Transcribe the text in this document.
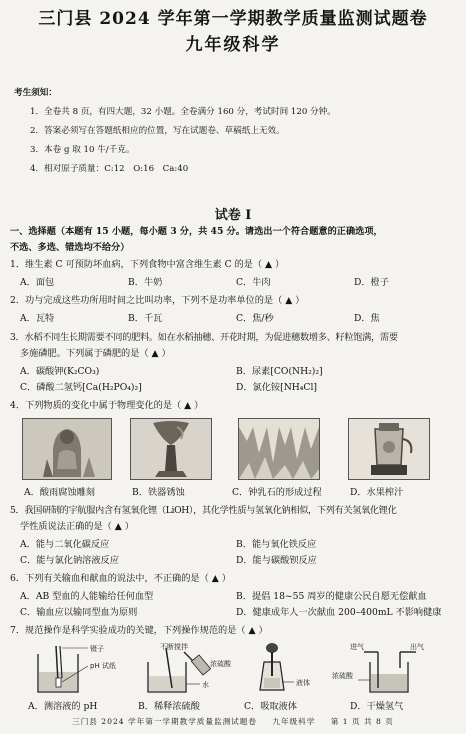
三门县 2024 学年第一学期教学质量监测试题卷
九年级科学
考生须知：
1．全卷共 8 页，有四大题，32 小题。全卷满分 160 分，考试时间 120 分钟。
2．答案必须写在答题纸相应的位置，写在试题卷、草稿纸上无效。
3．本卷 g 取 10 牛/千克。
4．相对原子质量：C:12　O:16　Ca:40
试卷 I
一、选择题（本题有 15 小题，每小题 3 分，共 45 分。请选出一个符合题意的正确选项，
不选、多选、错选均不给分）
1．维生素 C 可预防坏血病，下列食物中富含维生素 C 的是（ ▲ ）
A．面包	B．牛奶	C．牛肉	D．橙子
2．功与完成这些功所用时间之比叫功率，下列不是功率单位的是（ ▲ ）
A．瓦特	B．千瓦	C．焦/秒	D．焦
3．水稻不同生长期需要不同的肥料。如在水稻抽穗、开花时期，为促进穗数增多、籽粒饱满，需要
多施磷肥。下列属于磷肥的是（ ▲ ）
A．碳酸钾(K₂CO₃)	B．尿素[CO(NH₂)₂]
C．磷酸二氢钙[Ca(H₂PO₄)₂]	D．氯化铵[NH₄Cl]
4．下列物质的变化中属于物理变化的是（ ▲ ）
A．酸雨腐蚀雕刻	B．铁器锈蚀	C．钟乳石的形成过程	D．水果榨汁
5．我国研制的宇航服内含有氢氧化锂（LiOH），其化学性质与氢氧化钠相似，下列有关氢氧化锂化
学性质说法正确的是（ ▲ ）
A．能与二氧化碳反应	B．能与氧化铁反应
C．能与氯化钠溶液反应	D．能与碳酸钡反应
6．下列有关输血和献血的说法中，不正确的是（ ▲ ）
A．AB 型血的人能输给任何血型	B．提倡 18~55 周岁的健康公民自愿无偿献血
C．输血应以输同型血为原则	D．健康成年人一次献血 200–400mL 不影响健康
7．规范操作是科学实验成功的关键，下列操作规范的是（ ▲ ）
镊子
pH 试纸
不断搅拌
浓硫酸
水	液体
进气	出气
浓硫酸
A．测溶液的 pH	B．稀释浓硫酸	C．吸取液体	D．干燥氢气
三门县 2024 学年第一学期教学质量监测试题卷 九年级科学 第 1 页 共 8 页
